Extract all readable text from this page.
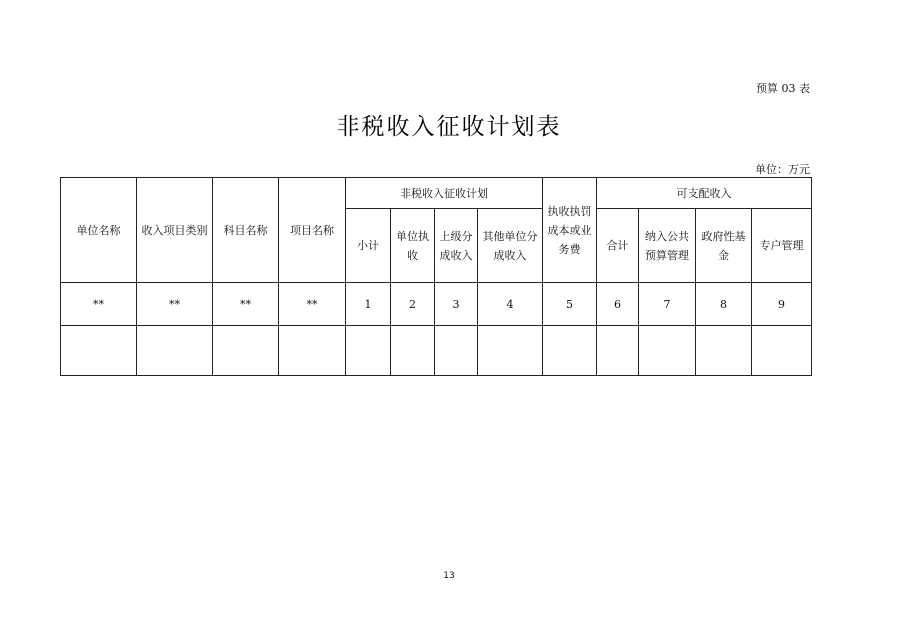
预算 03 表
非税收入征收计划表
单位：万元
单位名称	收入项目类别	科目名称	项目名称	非税收入征收计划				执收执罚成本或业务费	可支配收入			
				小计	单位执收	上级分成收入	其他单位分成收入		合计	纳入公共预算管理	政府性基金	专户管理
**	**	**	**	1	2	3	4	5	6	7	8	9

13
